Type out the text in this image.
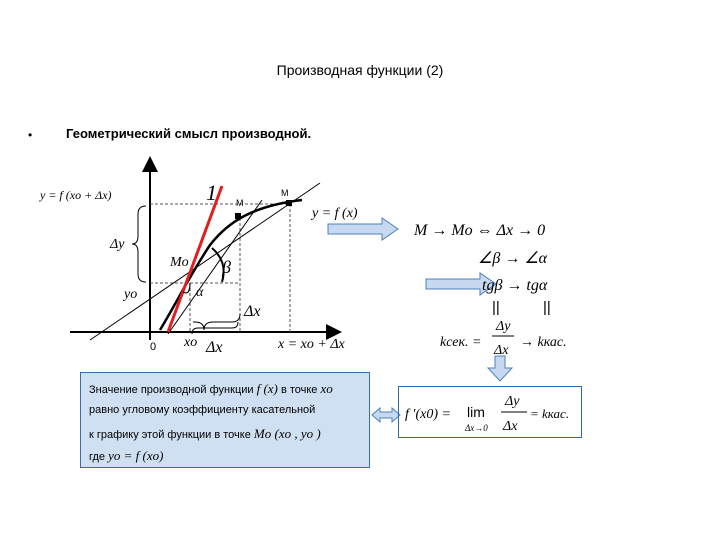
Производная функции (2)
•	Геометрический смысл производной.
y = f (xo + Δx)	1 M
M
y = f (x)
Δy
Mo β
yo	α
Δx
0 xo Δx	x = xo + Δx
M → Mo ⇔ Δx → 0
∠β → ∠α
tgβ → tgα
||	||
kсек. =
Δy
Δx
→ kкас.
Значение производной функции f (x) в точке xo
равно угловому коэффициенту касательной
к графику этой функции в точке Mo (xo , yo )
где yo = f (xo)
f ′(x0) = lim
Δx→0
Δy
Δx
= kкас.
